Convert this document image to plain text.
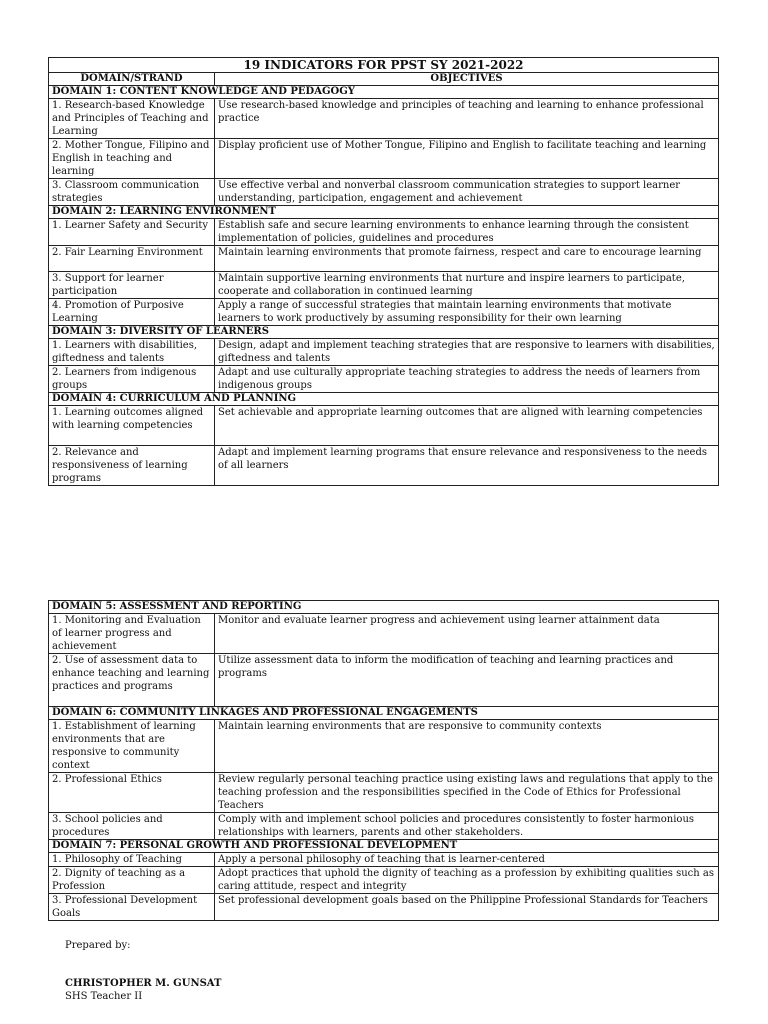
19 INDICATORS FOR PPST SY 2021-2022	
DOMAIN/STRAND	OBJECTIVES
DOMAIN 1: CONTENT KNOWLEDGE AND PEDAGOGY	
1. Research-based Knowledge and Principles of Teaching and Learning	Use research-based knowledge and principles of teaching and learning to enhance professional practice
2. Mother Tongue, Filipino and English in teaching and learning	Display proficient use of Mother Tongue, Filipino and English to facilitate teaching and learning
3. Classroom communication strategies	Use effective verbal and nonverbal classroom communication strategies to support learner understanding, participation, engagement and achievement
DOMAIN 2: LEARNING ENVIRONMENT	
1. Learner Safety and Security	Establish safe and secure learning environments to enhance learning through the consistent implementation of policies, guidelines and procedures
2. Fair Learning Environment	Maintain learning environments that promote fairness, respect and care to encourage learning
3. Support for learner participation	Maintain supportive learning environments that nurture and inspire learners to participate, cooperate and collaboration in continued learning
4. Promotion of Purposive Learning	Apply a range of successful strategies that maintain learning environments that motivate learners to work productively by assuming responsibility for their own learning
DOMAIN 3: DIVERSITY OF LEARNERS	
1. Learners with disabilities, giftedness and talents	Design, adapt and implement teaching strategies that are responsive to learners with disabilities, giftedness and talents
2. Learners from indigenous groups	Adapt and use culturally appropriate teaching strategies to address the needs of learners from indigenous groups
DOMAIN 4: CURRICULUM AND PLANNING	
1. Learning outcomes aligned with learning competencies	Set achievable and appropriate learning outcomes that are aligned with learning competencies
2. Relevance and responsiveness of learning programs	Adapt and implement learning programs that ensure relevance and responsiveness to the needs of all learners
DOMAIN 5: ASSESSMENT AND REPORTING	
1. Monitoring and Evaluation of learner progress and achievement	Monitor and evaluate learner progress and achievement using learner attainment data
2. Use of assessment data to enhance teaching and learning practices and programs	Utilize assessment data to inform the modification of teaching and learning practices and programs
DOMAIN 6: COMMUNITY LINKAGES AND PROFESSIONAL ENGAGEMENTS	
1. Establishment of learning environments that are responsive to community context	Maintain learning environments that are responsive to community contexts
2. Professional Ethics	Review regularly personal teaching practice using existing laws and regulations that apply to the teaching profession and the responsibilities specified in the Code of Ethics for Professional Teachers
3. School policies and procedures	Comply with and implement school policies and procedures consistently to foster harmonious relationships with learners, parents and other stakeholders.
DOMAIN 7: PERSONAL GROWTH AND PROFESSIONAL DEVELOPMENT	
1. Philosophy of Teaching	Apply a personal philosophy of teaching that is learner-centered
2. Dignity of teaching as a Profession	Adopt practices that uphold the dignity of teaching as a profession by exhibiting qualities such as caring attitude, respect and integrity
3. Professional Development Goals	Set professional development goals based on the Philippine Professional Standards for Teachers
Prepared by:
CHRISTOPHER M. GUNSAT
SHS Teacher II
